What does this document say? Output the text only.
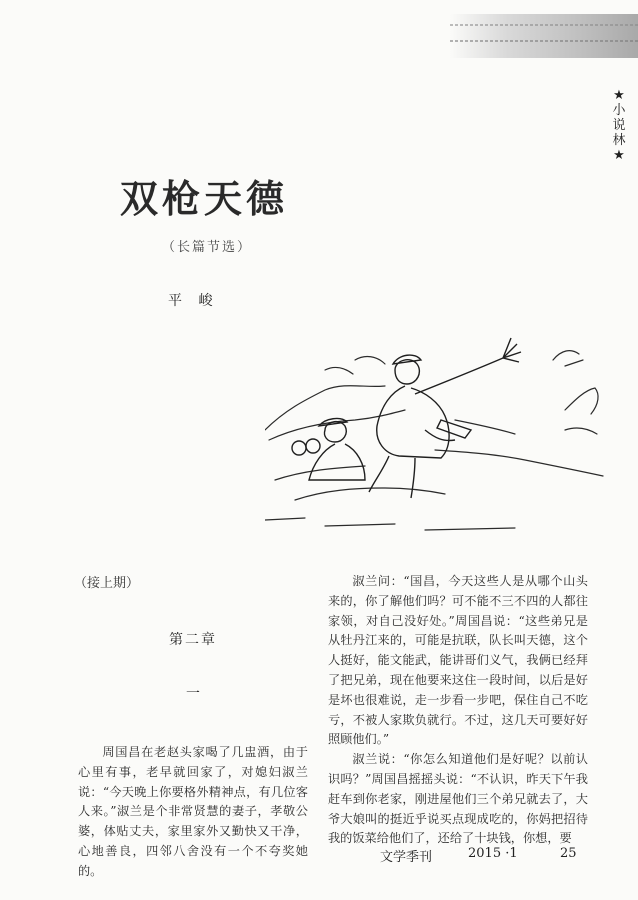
★
小
说
林
★
双枪天德
（长篇节选）
平 峻
（接上期）
第二章
一

周国昌在老赵头家喝了几盅酒，由于心里有事，老早就回家了，对媳妇淑兰说：“今天晚上你要格外精神点，有几位客人来。”淑兰是个非常贤慧的妻子，孝敬公婆，体贴丈夫，家里家外又勤快又干净，心地善良，四邻八舍没有一个不夸奖她的。

淑兰问：“国昌，今天这些人是从哪个山头来的，你了解他们吗？可不能不三不四的人都往家领，对自己没好处。”周国昌说：“这些弟兄是从牡丹江来的，可能是抗联，队长叫天德，这个人挺好，能文能武，能讲哥们义气，我俩已经拜了把兄弟，现在他要来这住一段时间，以后是好是坏也很难说，走一步看一步吧，保住自己不吃亏，不被人家欺负就行。不过，这几天可要好好照顾他们。”

淑兰说：“你怎么知道他们是好呢？以前认识吗？”周国昌摇摇头说：“不认识，昨天下午我赶车到你老家，刚进屋他们三个弟兄就去了，大爷大娘叫的挺近乎说买点现成吃的，你妈把招待我的饭菜给他们了，还给了十块钱，你想，要

文学季刊	2015 ·1	25
